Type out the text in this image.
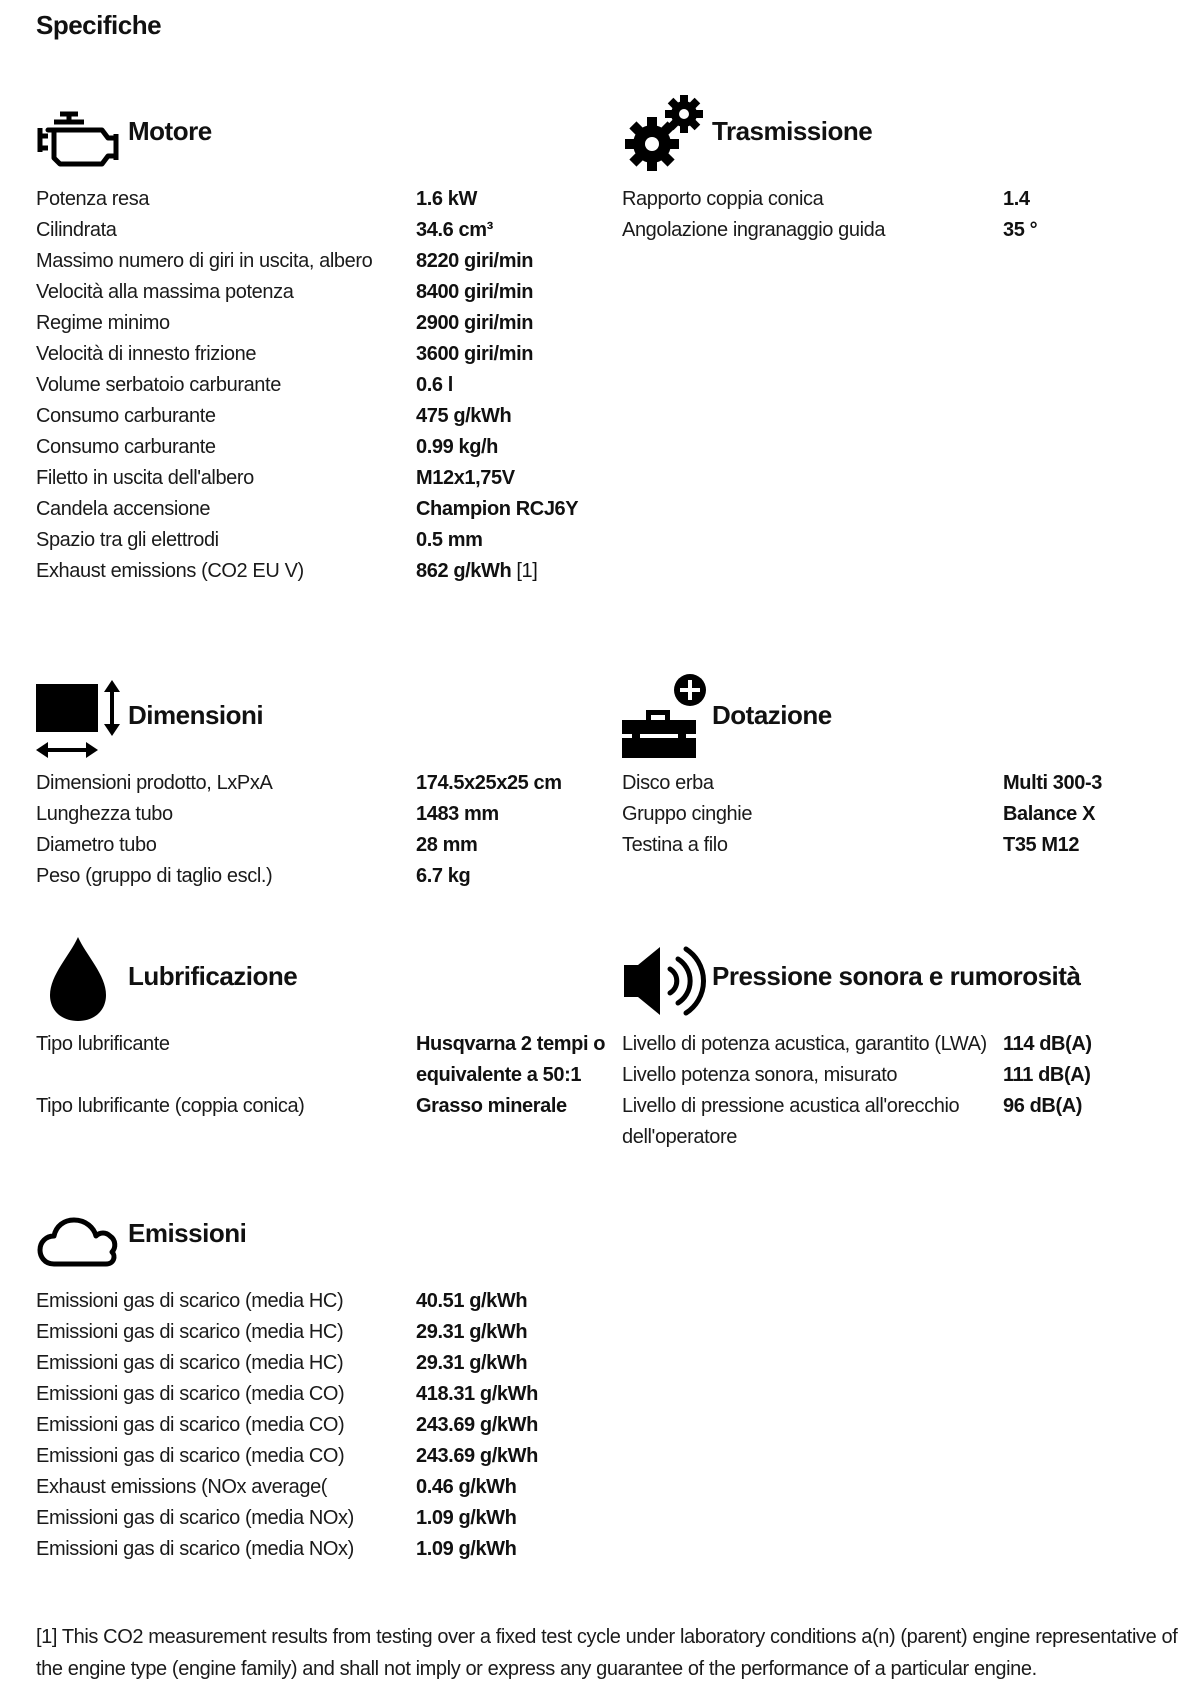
Specifiche
Motore
Potenza resa	1.6 kW
Cilindrata	34.6 cm³
Massimo numero di giri in uscita, albero	8220 giri/min
Velocità alla massima potenza	8400 giri/min
Regime minimo	2900 giri/min
Velocità di innesto frizione	3600 giri/min
Volume serbatoio carburante	0.6 l
Consumo carburante	475 g/kWh
Consumo carburante	0.99 kg/h
Filetto in uscita dell'albero	M12x1,75V
Candela accensione	Champion RCJ6Y
Spazio tra gli elettrodi	0.5 mm
Exhaust emissions (CO2 EU V)	862 g/kWh [1]
Trasmissione
Rapporto coppia conica	1.4
Angolazione ingranaggio guida	35 °
Dimensioni
Dimensioni prodotto, LxPxA	174.5x25x25 cm
Lunghezza tubo	1483 mm
Diametro tubo	28 mm
Peso (gruppo di taglio escl.)	6.7 kg
Dotazione
Disco erba	Multi 300-3
Gruppo cinghie	Balance X
Testina a filo	T35 M12
Lubrificazione
Tipo lubrificante	Husqvarna 2 tempi o
equivalente a 50:1
Tipo lubrificante (coppia conica)	Grasso minerale
Pressione sonora e rumorosità
Livello di potenza acustica, garantito (LWA) 114 dB(A)
Livello potenza sonora, misurato	111 dB(A)
Livello di pressione acustica all'orecchio
dell'operatore
96 dB(A)
Emissioni
Emissioni gas di scarico (media HC)	40.51 g/kWh
Emissioni gas di scarico (media HC)	29.31 g/kWh
Emissioni gas di scarico (media HC)	29.31 g/kWh
Emissioni gas di scarico (media CO)	418.31 g/kWh
Emissioni gas di scarico (media CO)	243.69 g/kWh
Emissioni gas di scarico (media CO)	243.69 g/kWh
Exhaust emissions (NOx average(	0.46 g/kWh
Emissioni gas di scarico (media NOx)	1.09 g/kWh
Emissioni gas di scarico (media NOx)	1.09 g/kWh
[1] This CO2 measurement results from testing over a fixed test cycle under laboratory conditions a(n) (parent) engine representative of the engine type (engine family) and shall not imply or express any guarantee of the performance of a particular engine.
